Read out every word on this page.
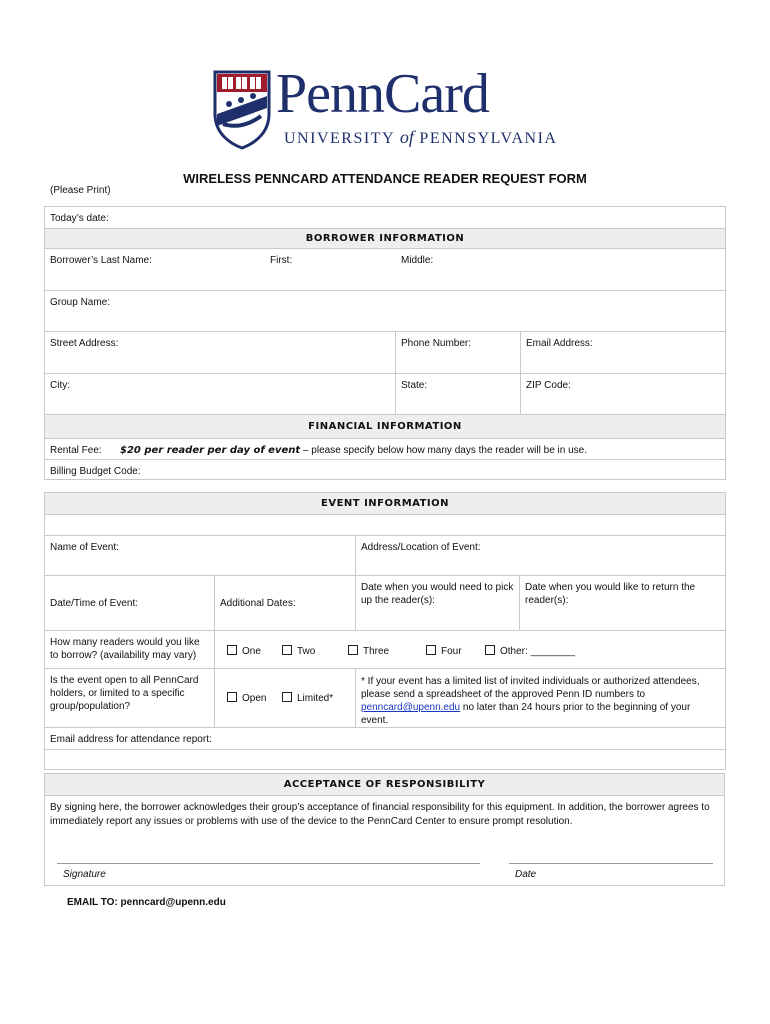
PennCard
UNIVERSITY of PENNSYLVANIA
WIRELESS PENNCARD ATTENDANCE READER REQUEST FORM
(Please Print)
Today’s date:		
BORROWER INFORMATION		
Borrower’s Last Name: First: Middle:		

Group Name:		
Street Address:	Phone Number:	Email Address:
City:	State:	ZIP Code:
FINANCIAL INFORMATION		
Rental Fee: $20 per reader per day of event – please specify below how many days the reader will be in use.		
Billing Budget Code:		
EVENT INFORMATION			

Name of Event:		Address/Location of Event:	
Date/Time of Event:	Additional Dates:	Date when you would need to pick up the reader(s):	Date when you would like to return the reader(s):
How many readers would you like to borrow? (availability may vary)	One Two Three Four Other: ________		

Is the event open to all PennCard holders, or limited to a specific group/population?	Open Limited*	* If your event has a limited list of invited individuals or authorized attendees, please send a spreadsheet of the approved Penn ID numbers to
penncard@upenn.edu no later than 24 hours prior to the beginning of your event.	
Email address for attendance report:			

ACCEPTANCE OF RESPONSIBILITY

By signing here, the borrower acknowledges their group’s acceptance of financial responsibility for this equipment. In addition, the borrower agrees to immediately report any issues or problems with use of the device to the PennCard Center to ensure prompt resolution.
Signature	Date
EMAIL TO: penncard@upenn.edu
